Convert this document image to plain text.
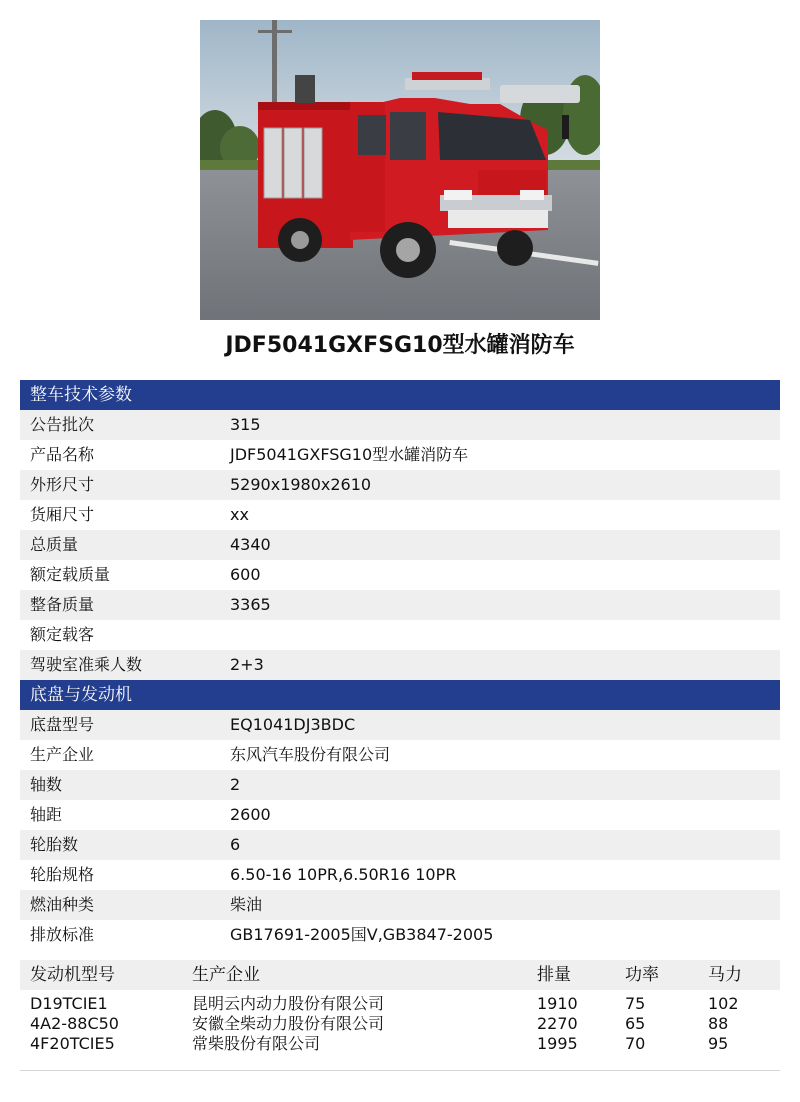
JDF5041GXFSG10型水罐消防车
整车技术参数
公告批次	315
产品名称	JDF5041GXFSG10型水罐消防车
外形尺寸	5290x1980x2610
货厢尺寸	xx
总质量	4340
额定载质量	600
整备质量	3365
额定载客
驾驶室准乘人数	2+3
底盘与发动机
底盘型号	EQ1041DJ3BDC
生产企业	东风汽车股份有限公司
轴数	2
轴距	2600
轮胎数	6
轮胎规格	6.50-16 10PR,6.50R16 10PR
燃油种类	柴油
排放标准	GB17691-2005国Ⅴ,GB3847-2005
发动机型号	生产企业	排量	功率	马力
D19TCIE1	昆明云内动力股份有限公司	1910	75	102
4A2-88C50	安徽全柴动力股份有限公司	2270	65	88
4F20TCIE5	常柴股份有限公司	1995	70	95
